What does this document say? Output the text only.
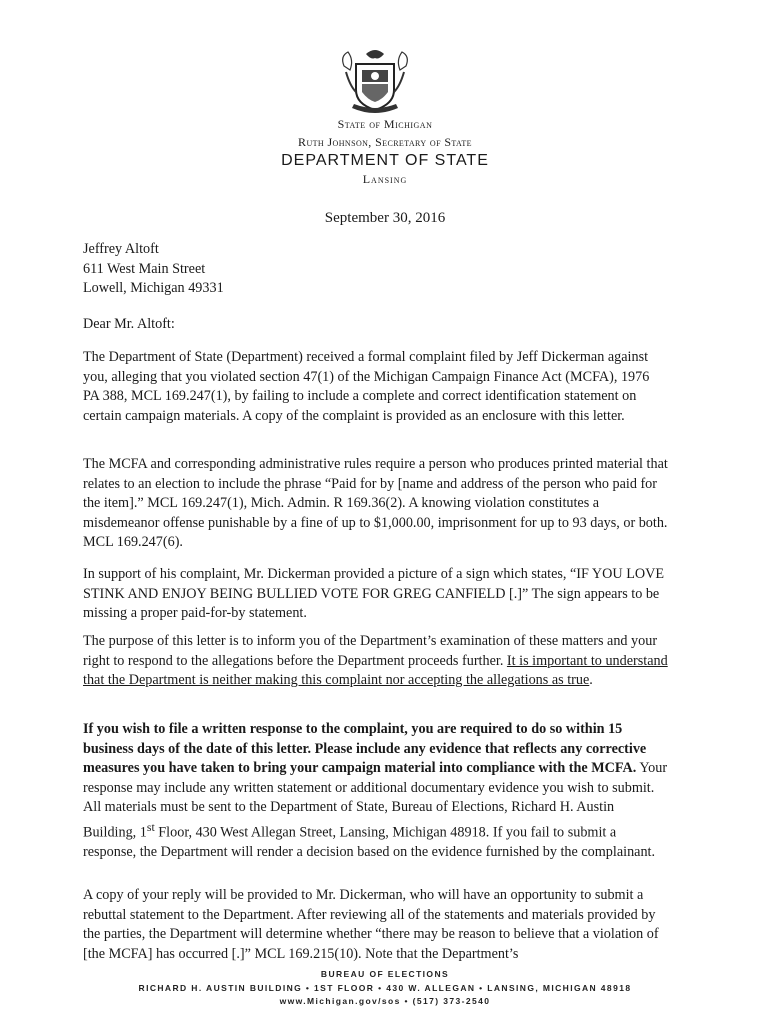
State of Michigan
Ruth Johnson, Secretary of State
DEPARTMENT OF STATE
Lansing
September 30, 2016
Jeffrey Altoft
611 West Main Street
Lowell, Michigan 49331
Dear Mr. Altoft:

The Department of State (Department) received a formal complaint filed by Jeff Dickerman against you, alleging that you violated section 47(1) of the Michigan Campaign Finance Act (MCFA), 1976 PA 388, MCL 169.247(1), by failing to include a complete and correct identification statement on certain campaign materials. A copy of the complaint is provided as an enclosure with this letter.

The MCFA and corresponding administrative rules require a person who produces printed material that relates to an election to include the phrase “Paid for by [name and address of the person who paid for the item].” MCL 169.247(1), Mich. Admin. R 169.36(2). A knowing violation constitutes a misdemeanor offense punishable by a fine of up to $1,000.00, imprisonment for up to 93 days, or both. MCL 169.247(6).

In support of his complaint, Mr. Dickerman provided a picture of a sign which states, “IF YOU LOVE STINK AND ENJOY BEING BULLIED VOTE FOR GREG CANFIELD [.]” The sign appears to be missing a proper paid-for-by statement.

The purpose of this letter is to inform you of the Department’s examination of these matters and your right to respond to the allegations before the Department proceeds further. It is important to understand that the Department is neither making this complaint nor accepting the allegations as true.

If you wish to file a written response to the complaint, you are required to do so within 15 business days of the date of this letter. Please include any evidence that reflects any corrective measures you have taken to bring your campaign material into compliance with the MCFA. Your response may include any written statement or additional documentary evidence you wish to submit. All materials must be sent to the Department of State, Bureau of Elections, Richard H. Austin Building, 1st Floor, 430 West Allegan Street, Lansing, Michigan 48918. If you fail to submit a response, the Department will render a decision based on the evidence furnished by the complainant.

A copy of your reply will be provided to Mr. Dickerman, who will have an opportunity to submit a rebuttal statement to the Department. After reviewing all of the statements and materials provided by the parties, the Department will determine whether “there may be reason to believe that a violation of [the MCFA] has occurred [.]” MCL 169.215(10). Note that the Department’s

BUREAU OF ELECTIONS
RICHARD H. AUSTIN BUILDING • 1ST FLOOR • 430 W. ALLEGAN • LANSING, MICHIGAN 48918
www.Michigan.gov/sos • (517) 373-2540
